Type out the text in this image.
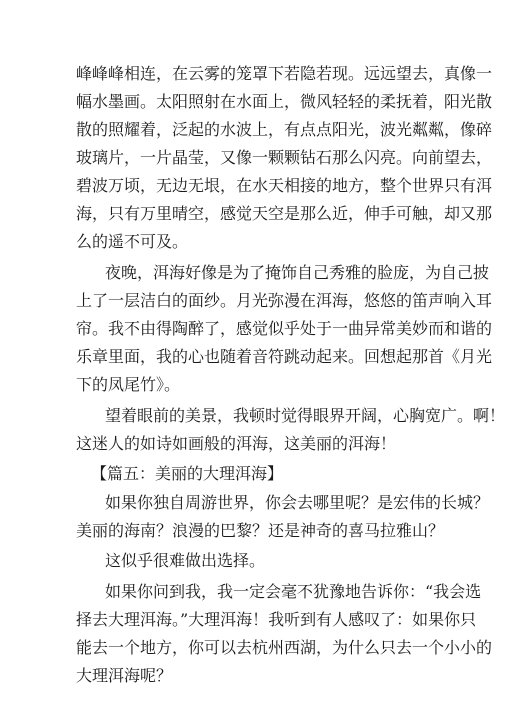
峰峰峰相连，在云雾的笼罩下若隐若现。远远望去，真像一
幅水墨画。太阳照射在水面上，微风轻轻的柔抚着，阳光散
散的照耀着，泛起的水波上，有点点阳光，波光粼粼，像碎
玻璃片，一片晶莹，又像一颗颗钻石那么闪亮。向前望去，
碧波万顷，无边无垠，在水天相接的地方，整个世界只有洱
海，只有万里晴空，感觉天空是那么近，伸手可触，却又那
么的遥不可及。
夜晚，洱海好像是为了掩饰自己秀雅的脸庞，为自己披
上了一层洁白的面纱。月光弥漫在洱海，悠悠的笛声响入耳
帘。我不由得陶醉了，感觉似乎处于一曲异常美妙而和谐的
乐章里面，我的心也随着音符跳动起来。回想起那首《月光
下的凤尾竹》。
望着眼前的美景，我顿时觉得眼界开阔，心胸宽广。啊！
这迷人的如诗如画般的洱海，这美丽的洱海！
【篇五：美丽的大理洱海】
如果你独自周游世界，你会去哪里呢？是宏伟的长城？
美丽的海南？浪漫的巴黎？还是神奇的喜马拉雅山？
这似乎很难做出选择。
如果你问到我，我一定会毫不犹豫地告诉你：“我会选
择去大理洱海。”大理洱海！我听到有人感叹了：如果你只
能去一个地方，你可以去杭州西湖，为什么只去一个小小的
大理洱海呢？
